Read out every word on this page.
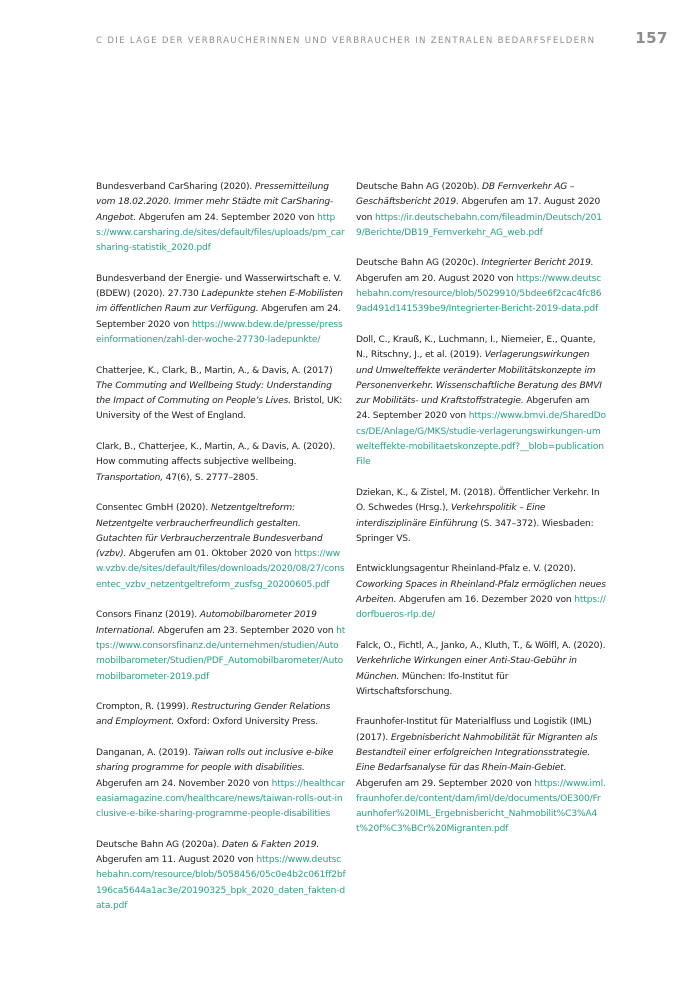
C DIE LAGE DER VERBRAUCHERINNEN UND VERBRAUCHER IN ZENTRALEN BEDARFSFELDERN	157

Bundesverband CarSharing (2020). Pressemitteilung vom 18.02.2020. Immer mehr Städte mit CarSharing-Angebot. Abgerufen am 24. September 2020 von https://www.carsharing.de/sites/default/files/uploads/pm_carsharing-statistik_2020.pdf

Bundesverband der Energie- und Wasserwirtschaft e. V. (BDEW) (2020). 27.730 Ladepunkte stehen E-Mobilisten im öffentlichen Raum zur Verfügung. Abgerufen am 24. September 2020 von https://www.bdew.de/presse/presseinformationen/zahl-der-woche-27730-ladepunkte/

Chatterjee, K., Clark, B., Martin, A., & Davis, A. (2017) The Commuting and Wellbeing Study: Understanding the Impact of Commuting on People’s Lives. Bristol, UK: University of the West of England.

Clark, B., Chatterjee, K., Martin, A., & Davis, A. (2020). How commuting affects subjective wellbeing. Transportation, 47(6), S. 2777–2805.

Consentec GmbH (2020). Netzentgeltreform: Netzentgelte verbraucherfreundlich gestalten. Gutachten für Verbraucherzentrale Bundesverband (vzbv). Abgerufen am 01. Oktober 2020 von https://www.vzbv.de/sites/default/files/downloads/2020/08/27/consentec_vzbv_netzentgeltreform_zusfsg_20200605.pdf

Consors Finanz (2019). Automobilbarometer 2019 International. Abgerufen am 23. September 2020 von https://www.consorsfinanz.de/unternehmen/studien/Automobilbarometer/Studien/PDF_Automobilbarometer/Automobilbarometer-2019.pdf

Crompton, R. (1999). Restructuring Gender Relations and Employment. Oxford: Oxford University Press.

Danganan, A. (2019). Taiwan rolls out inclusive e-bike sharing programme for people with disabilities. Abgerufen am 24. November 2020 von https://healthcareasiamagazine.com/healthcare/news/taiwan-rolls-out-inclusive-e-bike-sharing-programme-people-disabilities

Deutsche Bahn AG (2020a). Daten & Fakten 2019. Abgerufen am 11. August 2020 von https://www.deutschebahn.com/resource/blob/5058456/05c0e4b2c061ff2bf196ca5644a1ac3e/20190325_bpk_2020_daten_fakten-data.pdf

Deutsche Bahn AG (2020b). DB Fernverkehr AG – Geschäftsbericht 2019. Abgerufen am 17. August 2020 von https://ir.deutschebahn.com/fileadmin/Deutsch/2019/Berichte/DB19_Fernverkehr_AG_web.pdf

Deutsche Bahn AG (2020c). Integrierter Bericht 2019. Abgerufen am 20. August 2020 von https://www.deutschebahn.com/resource/blob/5029910/5bdee6f2cac4fc869ad491d141539be9/Integrierter-Bericht-2019-data.pdf

Doll, C., Krauß, K., Luchmann, I., Niemeier, E., Quante, N., Ritschny, J., et al. (2019). Verlagerungswirkungen und Umwelteffekte veränderter Mobilitätskonzepte im Personenverkehr. Wissenschaftliche Beratung des BMVI zur Mobilitäts- und Kraftstoffstrategie. Abgerufen am 24. September 2020 von https://www.bmvi.de/SharedDocs/DE/Anlage/G/MKS/studie-verlagerungswirkungen-umwelteffekte-mobilitaetskonzepte.pdf?__blob=publicationFile

Dziekan, K., & Zistel, M. (2018). Öffentlicher Verkehr. In O. Schwedes (Hrsg.), Verkehrspolitik – Eine interdisziplinäre Einführung (S. 347–372). Wiesbaden: Springer VS.

Entwicklungsagentur Rheinland-Pfalz e. V. (2020). Coworking Spaces in Rheinland-Pfalz ermöglichen neues Arbeiten. Abgerufen am 16. Dezember 2020 von https://dorfbueros-rlp.de/

Falck, O., Fichtl, A., Janko, A., Kluth, T., & Wölfl, A. (2020). Verkehrliche Wirkungen einer Anti-Stau-Gebühr in München. München: Ifo-Institut für Wirtschaftsforschung.

Fraunhofer-Institut für Materialfluss und Logistik (IML) (2017). Ergebnisbericht Nahmobilität für Migranten als Bestandteil einer erfolgreichen Integrationsstrategie. Eine Bedarfsanalyse für das Rhein-Main-Gebiet. Abgerufen am 29. September 2020 von https://www.iml.fraunhofer.de/content/dam/iml/de/documents/OE300/Fraunhofer%20IML_Ergebnisbericht_Nahmobilit%C3%A4t%20f%C3%BCr%20Migranten.pdf
